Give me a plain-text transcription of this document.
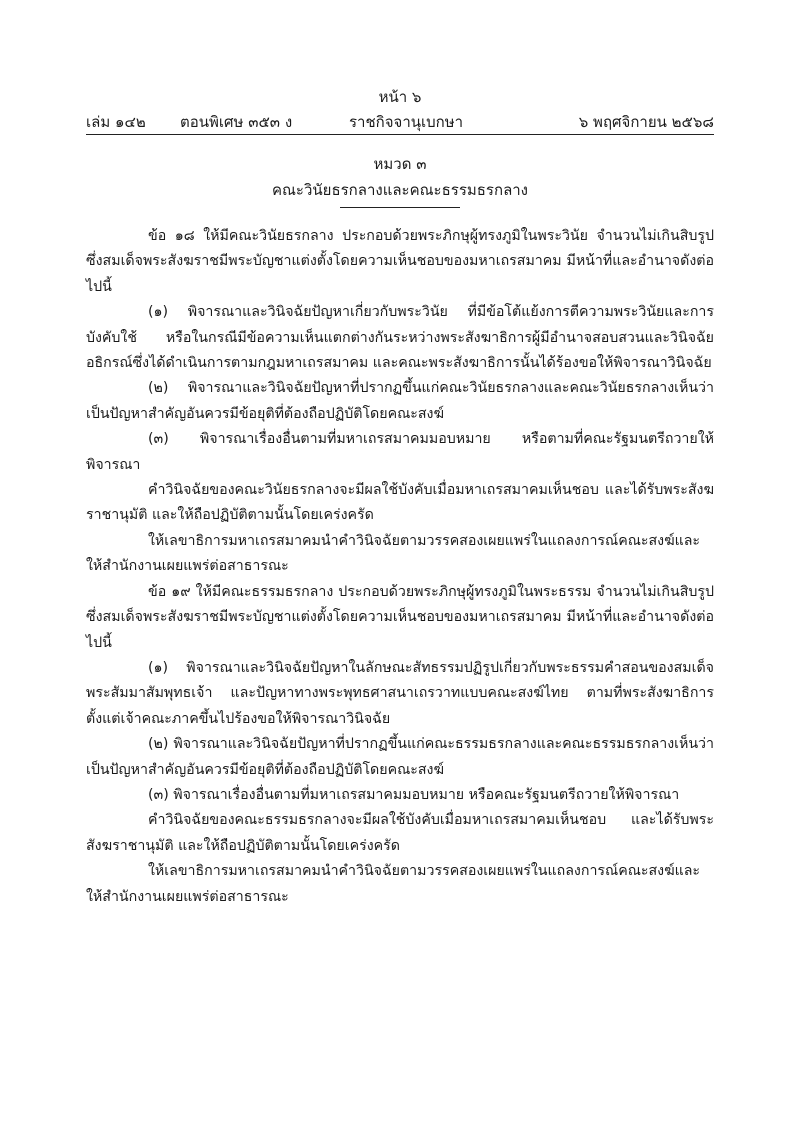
หน้า ๖
เล่ม ๑๔๒ ตอนพิเศษ ๓๕๓ ง	ราชกิจจานุเบกษา	๖ พฤศจิกายน ๒๕๖๘
หมวด ๓
คณะวินัยธรกลางและคณะธรรมธรกลาง

ข้อ ๑๘ ให้มีคณะวินัยธรกลาง ประกอบด้วยพระภิกษุผู้ทรงภูมิในพระวินัย จำนวนไม่เกินสิบรูป ซึ่งสมเด็จพระสังฆราชมีพระบัญชาแต่งตั้งโดยความเห็นชอบของมหาเถรสมาคม มีหน้าที่และอำนาจดังต่อไปนี้

(๑) พิจารณาและวินิจฉัยปัญหาเกี่ยวกับพระวินัย ที่มีข้อโต้แย้งการตีความพระวินัยและการบังคับใช้ หรือในกรณีมีข้อความเห็นแตกต่างกันระหว่างพระสังฆาธิการผู้มีอำนาจสอบสวนและวินิจฉัยอธิกรณ์ซึ่งได้ดำเนินการตามกฎมหาเถรสมาคม และคณะพระสังฆาธิการนั้นได้ร้องขอให้พิจารณาวินิจฉัย

(๒) พิจารณาและวินิจฉัยปัญหาที่ปรากฏขึ้นแก่คณะวินัยธรกลางและคณะวินัยธรกลางเห็นว่าเป็นปัญหาสำคัญอันควรมีข้อยุติที่ต้องถือปฏิบัติโดยคณะสงฆ์

(๓) พิจารณาเรื่องอื่นตามที่มหาเถรสมาคมมอบหมาย หรือตามที่คณะรัฐมนตรีถวายให้พิจารณา

คำวินิจฉัยของคณะวินัยธรกลางจะมีผลใช้บังคับเมื่อมหาเถรสมาคมเห็นชอบ และได้รับพระสังฆราชานุมัติ และให้ถือปฏิบัติตามนั้นโดยเคร่งครัด

ให้เลขาธิการมหาเถรสมาคมนำคำวินิจฉัยตามวรรคสองเผยแพร่ในแถลงการณ์คณะสงฆ์และให้สำนักงานเผยแพร่ต่อสาธารณะ

ข้อ ๑๙ ให้มีคณะธรรมธรกลาง ประกอบด้วยพระภิกษุผู้ทรงภูมิในพระธรรม จำนวนไม่เกินสิบรูป ซึ่งสมเด็จพระสังฆราชมีพระบัญชาแต่งตั้งโดยความเห็นชอบของมหาเถรสมาคม มีหน้าที่และอำนาจดังต่อไปนี้

(๑) พิจารณาและวินิจฉัยปัญหาในลักษณะสัทธรรมปฏิรูปเกี่ยวกับพระธรรมคำสอนของสมเด็จพระสัมมาสัมพุทธเจ้า และปัญหาทางพระพุทธศาสนาเถรวาทแบบคณะสงฆ์ไทย ตามที่พระสังฆาธิการตั้งแต่เจ้าคณะภาคขึ้นไปร้องขอให้พิจารณาวินิจฉัย

(๒) พิจารณาและวินิจฉัยปัญหาที่ปรากฏขึ้นแก่คณะธรรมธรกลางและคณะธรรมธรกลางเห็นว่าเป็นปัญหาสำคัญอันควรมีข้อยุติที่ต้องถือปฏิบัติโดยคณะสงฆ์

(๓) พิจารณาเรื่องอื่นตามที่มหาเถรสมาคมมอบหมาย หรือคณะรัฐมนตรีถวายให้พิจารณา

คำวินิจฉัยของคณะธรรมธรกลางจะมีผลใช้บังคับเมื่อมหาเถรสมาคมเห็นชอบ และได้รับพระสังฆราชานุมัติ และให้ถือปฏิบัติตามนั้นโดยเคร่งครัด

ให้เลขาธิการมหาเถรสมาคมนำคำวินิจฉัยตามวรรคสองเผยแพร่ในแถลงการณ์คณะสงฆ์และให้สำนักงานเผยแพร่ต่อสาธารณะ
